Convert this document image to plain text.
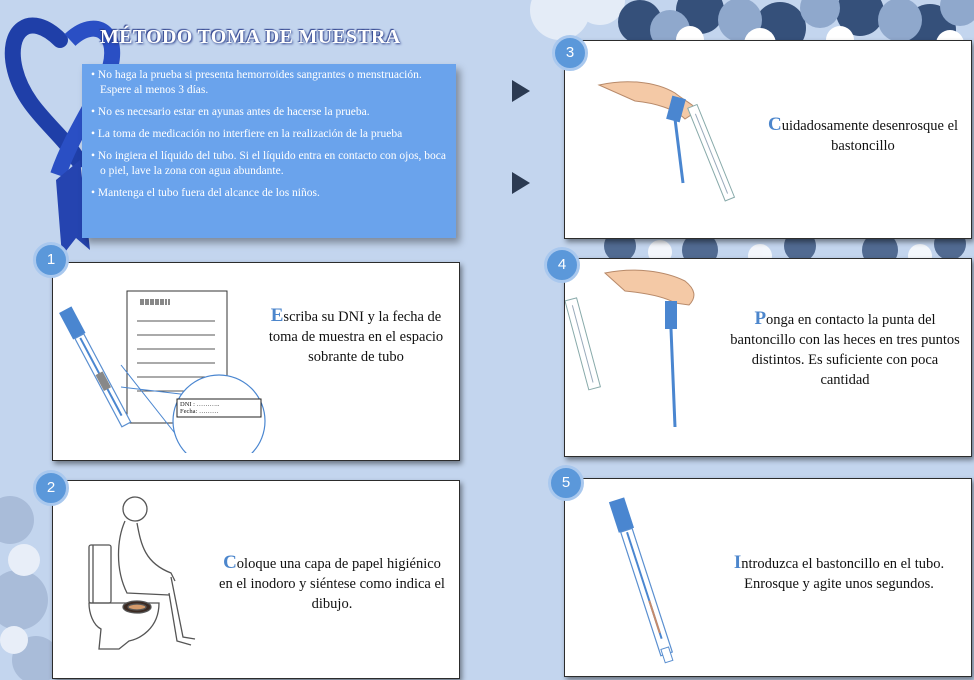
MÉTODO TOMA DE MUESTRA
• No haga la prueba si presenta hemorroides sangrantes o menstruación. Espere al menos 3 días.
• No es necesario estar en ayunas antes de hacerse la prueba.
• La toma de medicación no interfiere en la realización de la prueba
• No ingiera el líquido del tubo. Si el líquido entra en contacto con ojos, boca o piel, lave la zona con agua abundante.
• Mantenga el tubo fuera del alcance de los niños.
DNI : ………..
Fecha: ………
Escriba su DNI y la fecha de toma de muestra en el espacio sobrante de tubo
Coloque una capa de papel higiénico en el inodoro y siéntese como indica el dibujo.
Cuidadosamente desenrosque el bastoncillo
Ponga en contacto la punta del bantoncillo con las heces en tres puntos distintos. Es suficiente con poca cantidad
Introduzca el bastoncillo en el tubo. Enrosque y agite unos segundos.
1
2
3
4
5
